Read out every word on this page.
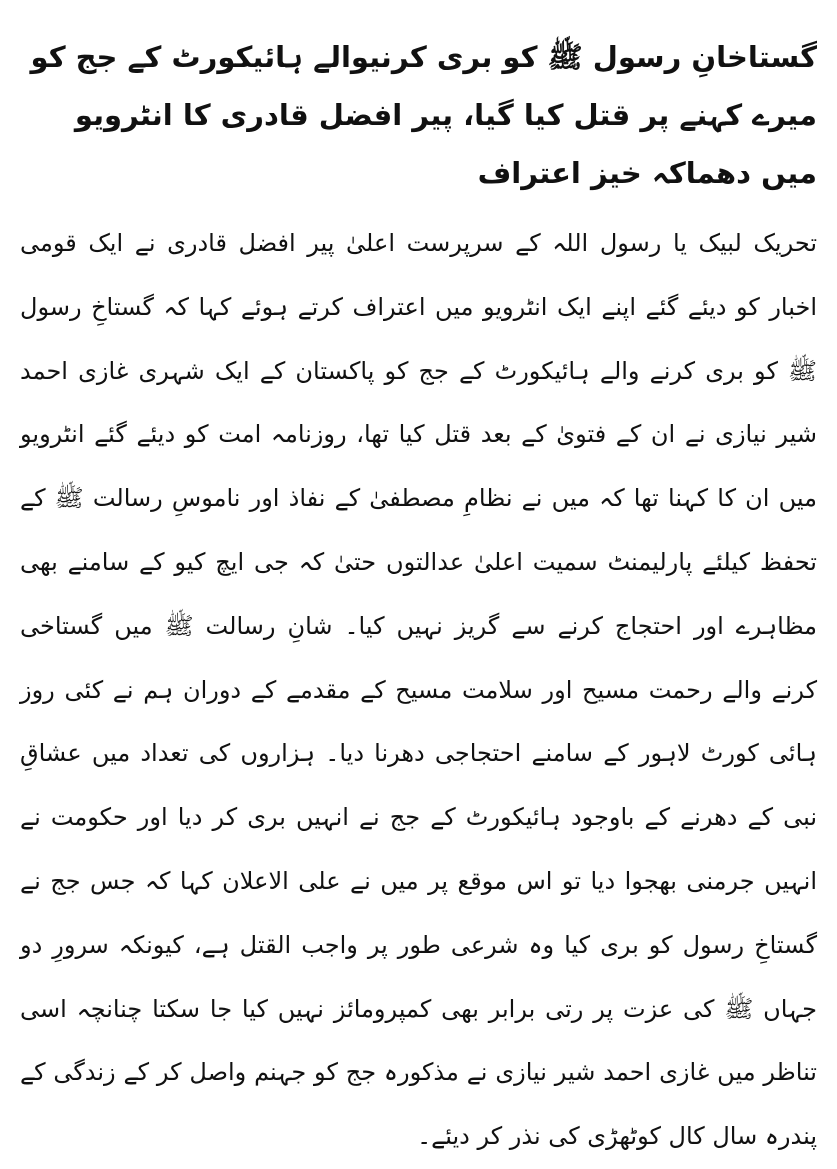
گستاخانِ رسول ﷺ کو بری کرنیوالے ہائیکورٹ کے جج کو میرے کہنے پر قتل کیا گیا، پیر افضل قادری کا انٹرویو میں دھماکہ خیز اعتراف

تحریک لبیک یا رسول اللہ کے سرپرست اعلیٰ پیر افضل قادری نے ایک قومی اخبار کو دیئے گئے اپنے ایک انٹرویو میں اعتراف کرتے ہوئے کہا کہ گستاخِ رسول ﷺ کو بری کرنے والے ہائیکورٹ کے جج کو پاکستان کے ایک شہری غازی احمد شیر نیازی نے ان کے فتویٰ کے بعد قتل کیا تھا، روزنامہ امت کو دیئے گئے انٹرویو میں ان کا کہنا تھا کہ میں نے نظامِ مصطفیٰ کے نفاذ اور ناموسِ رسالت ﷺ کے تحفظ کیلئے پارلیمنٹ سمیت اعلیٰ عدالتوں حتیٰ کہ جی ایچ کیو کے سامنے بھی مظاہرے اور احتجاج کرنے سے گریز نہیں کیا۔ شانِ رسالت ﷺ میں گستاخی کرنے والے رحمت مسیح اور سلامت مسیح کے مقدمے کے دوران ہم نے کئی روز ہائی کورٹ لاہور کے سامنے احتجاجی دھرنا دیا۔ ہزاروں کی تعداد میں عشاقِ نبی کے دھرنے کے باوجود ہائیکورٹ کے جج نے انہیں بری کر دیا اور حکومت نے انہیں جرمنی بھجوا دیا تو اس موقع پر میں نے علی الاعلان کہا کہ جس جج نے گستاخِ رسول کو بری کیا وہ شرعی طور پر واجب القتل ہے، کیونکہ سرورِ دو جہاں ﷺ کی عزت پر رتی برابر بھی کمپرومائز نہیں کیا جا سکتا چنانچہ اسی تناظر میں غازی احمد شیر نیازی نے مذکورہ جج کو جہنم واصل کر کے زندگی کے پندرہ سال کال کوٹھڑی کی نذر کر دیئے۔
